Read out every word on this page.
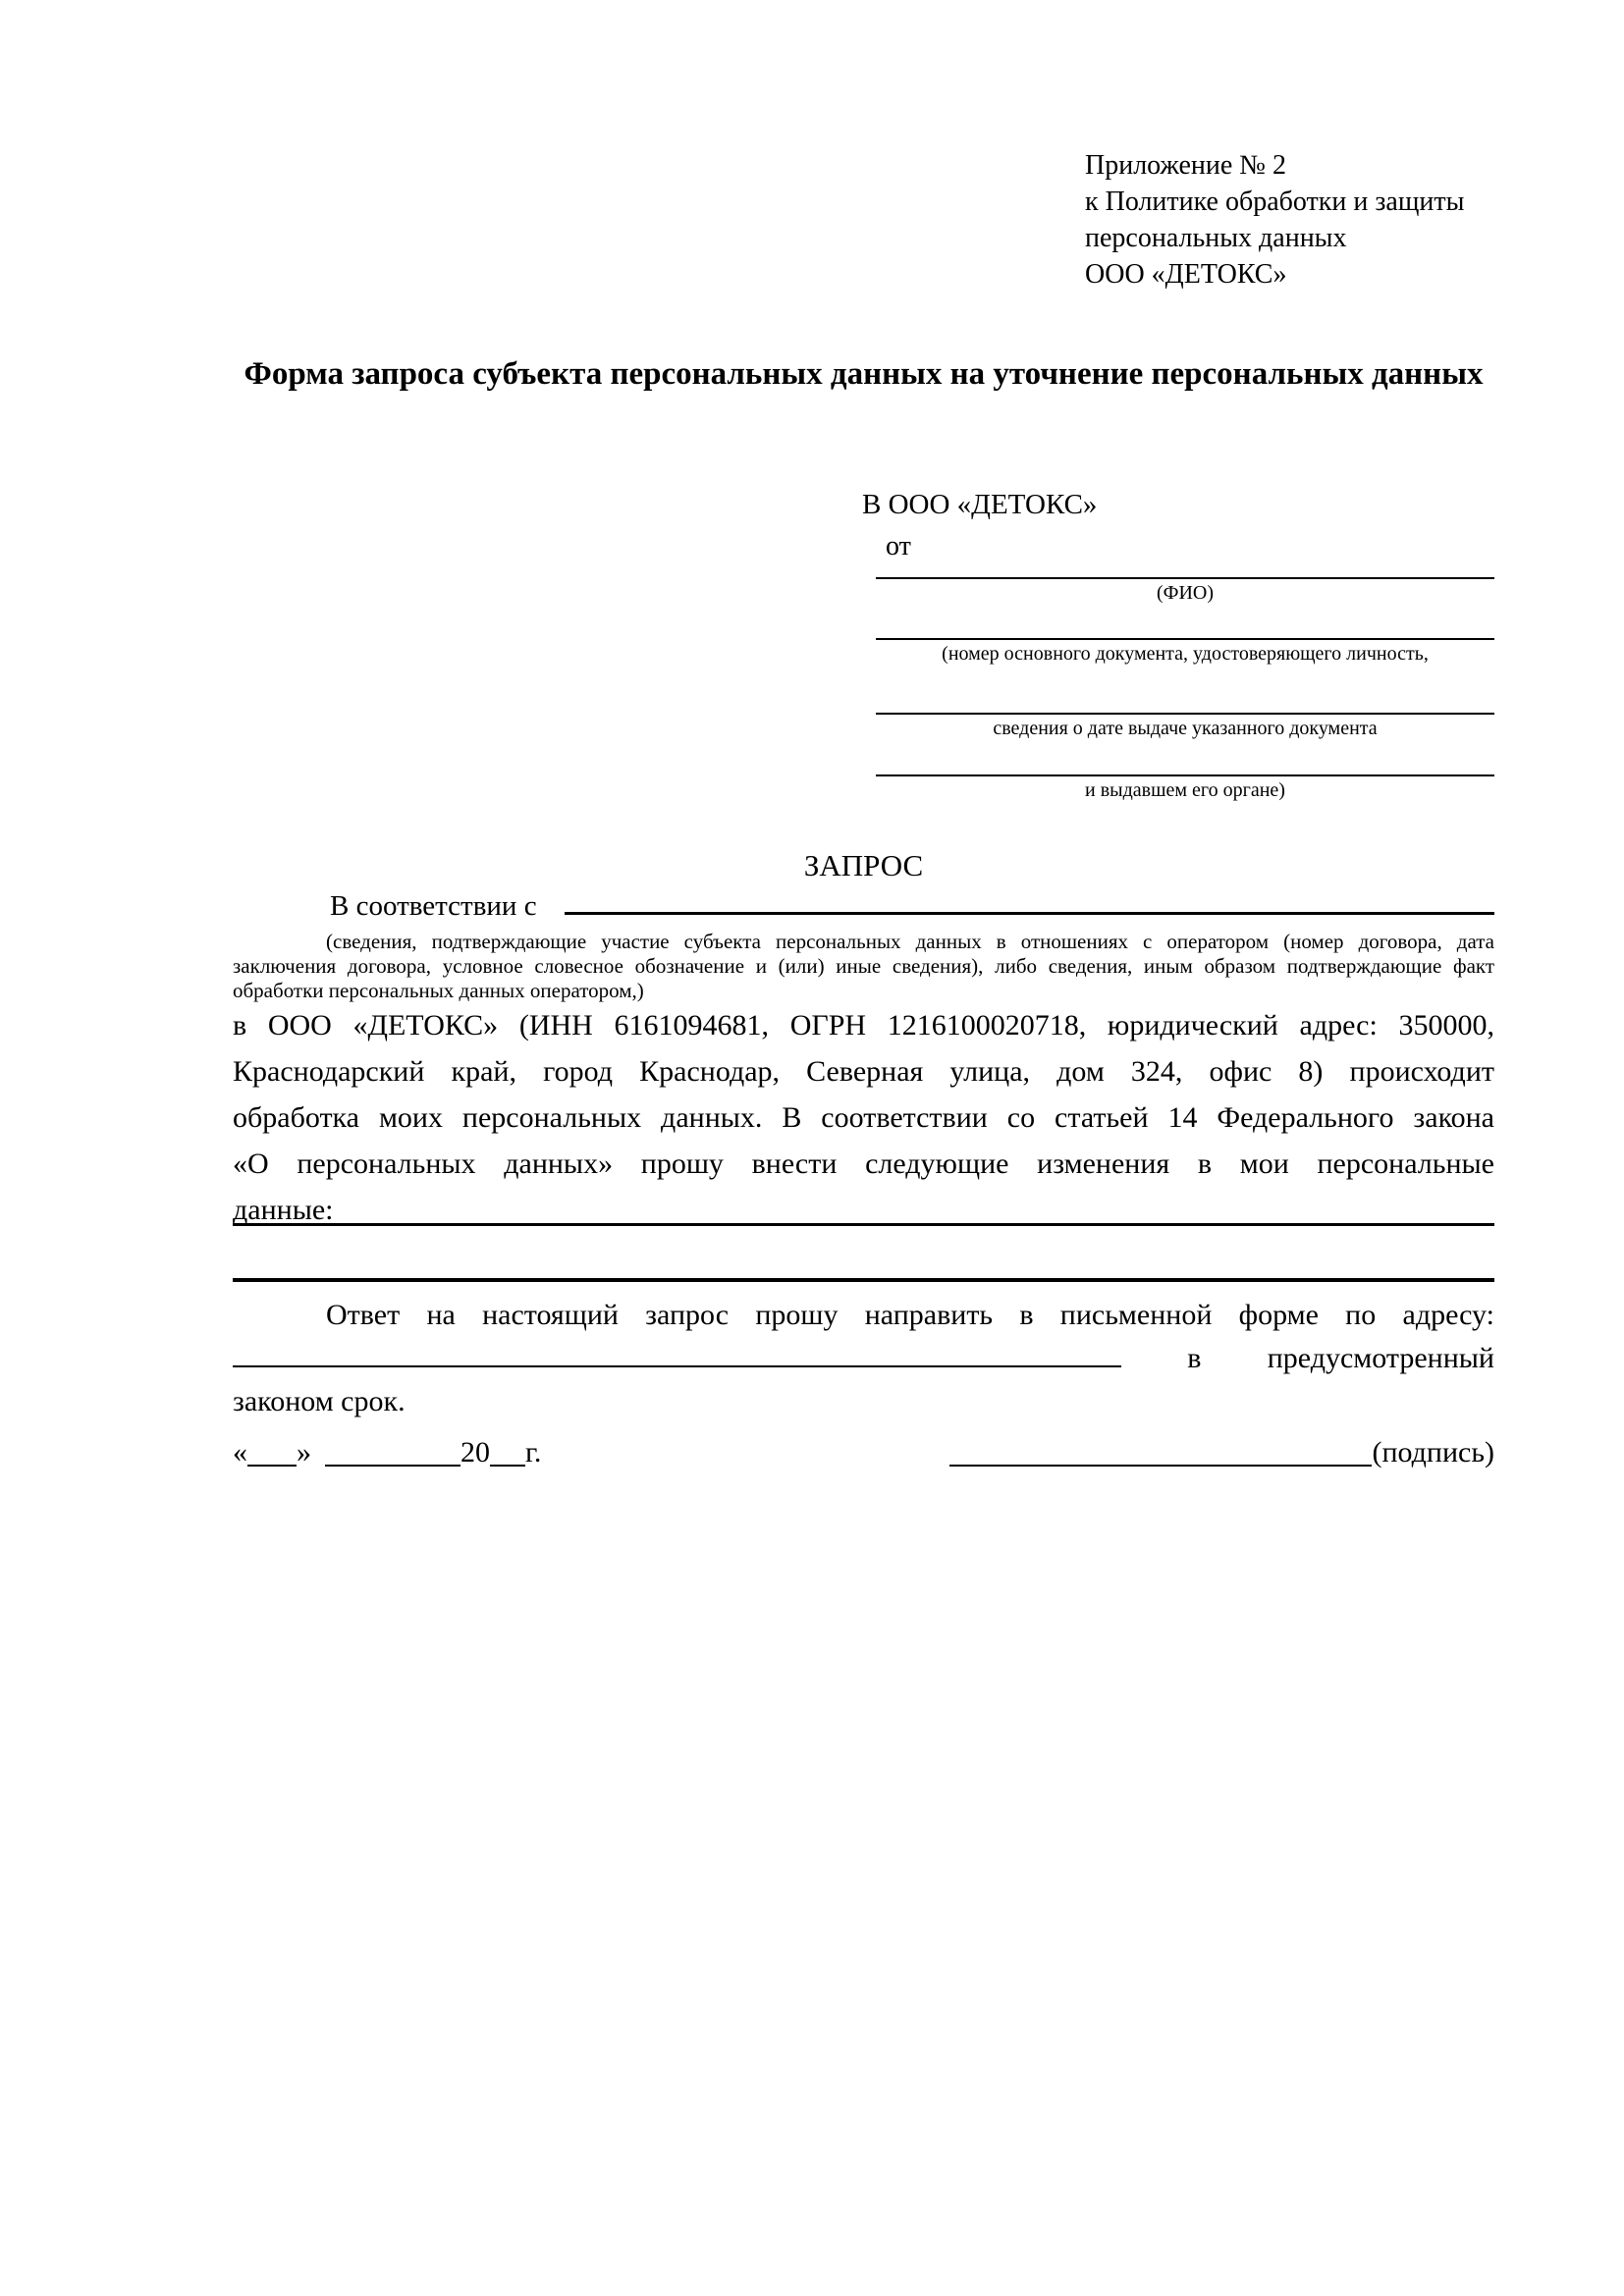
Приложение № 2
к Политике обработки и защиты
персональных данных
ООО «ДЕТОКС»
Форма запроса субъекта персональных данных на уточнение персональных данных
В ООО «ДЕТОКС»
от
(ФИО)
(номер основного документа, удостоверяющего личность,
сведения о дате выдаче указанного документа
и выдавшем его органе)
ЗАПРОС
В соответствии с
(сведения, подтверждающие участие субъекта персональных данных в отношениях с оператором (номер договора, дата
заключения договора, условное словесное обозначение и (или) иные сведения), либо сведения, иным образом подтверждающие факт
обработки персональных данных оператором,)
в ООО «ДЕТОКС» (ИНН 6161094681, ОГРН 1216100020718, юридический адрес: 350000,
Краснодарский край, город Краснодар, Северная улица, дом 324, офис 8) происходит
обработка моих персональных данных. В соответствии со статьей 14 Федерального закона
«О персональных данных» прошу внести следующие изменения в мои персональные
данные:
Ответ на настоящий запрос прошу направить в письменной форме по адресу:
в предусмотренный
законом срок.
« »	20 г.	(подпись)
